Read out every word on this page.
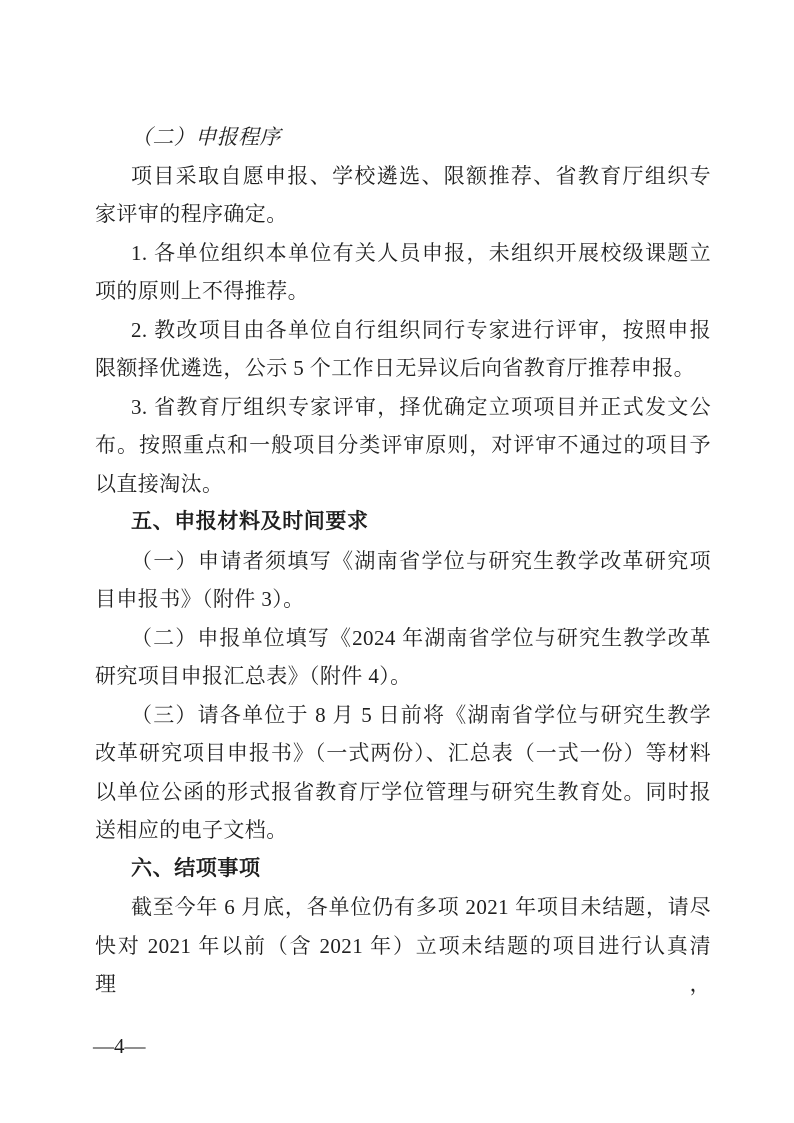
（二）申报程序
项目采取自愿申报、学校遴选、限额推荐、省教育厅组织专
家评审的程序确定。
1. 各单位组织本单位有关人员申报，未组织开展校级课题立
项的原则上不得推荐。
2. 教改项目由各单位自行组织同行专家进行评审，按照申报
限额择优遴选，公示 5 个工作日无异议后向省教育厅推荐申报。
3. 省教育厅组织专家评审，择优确定立项项目并正式发文公
布。按照重点和一般项目分类评审原则，对评审不通过的项目予
以直接淘汰。
五、申报材料及时间要求
（一）申请者须填写《湖南省学位与研究生教学改革研究项
目申报书》（附件 3）。
（二）申报单位填写《2024 年湖南省学位与研究生教学改革
研究项目申报汇总表》（附件 4）。
（三）请各单位于 8 月 5 日前将《湖南省学位与研究生教学
改革研究项目申报书》（一式两份）、汇总表（一式一份）等材料
以单位公函的形式报省教育厅学位管理与研究生教育处。同时报
送相应的电子文档。
六、结项事项
截至今年 6 月底，各单位仍有多项 2021 年项目未结题，请尽
快对 2021 年以前（含 2021 年）立项未结题的项目进行认真清理，
—4—
